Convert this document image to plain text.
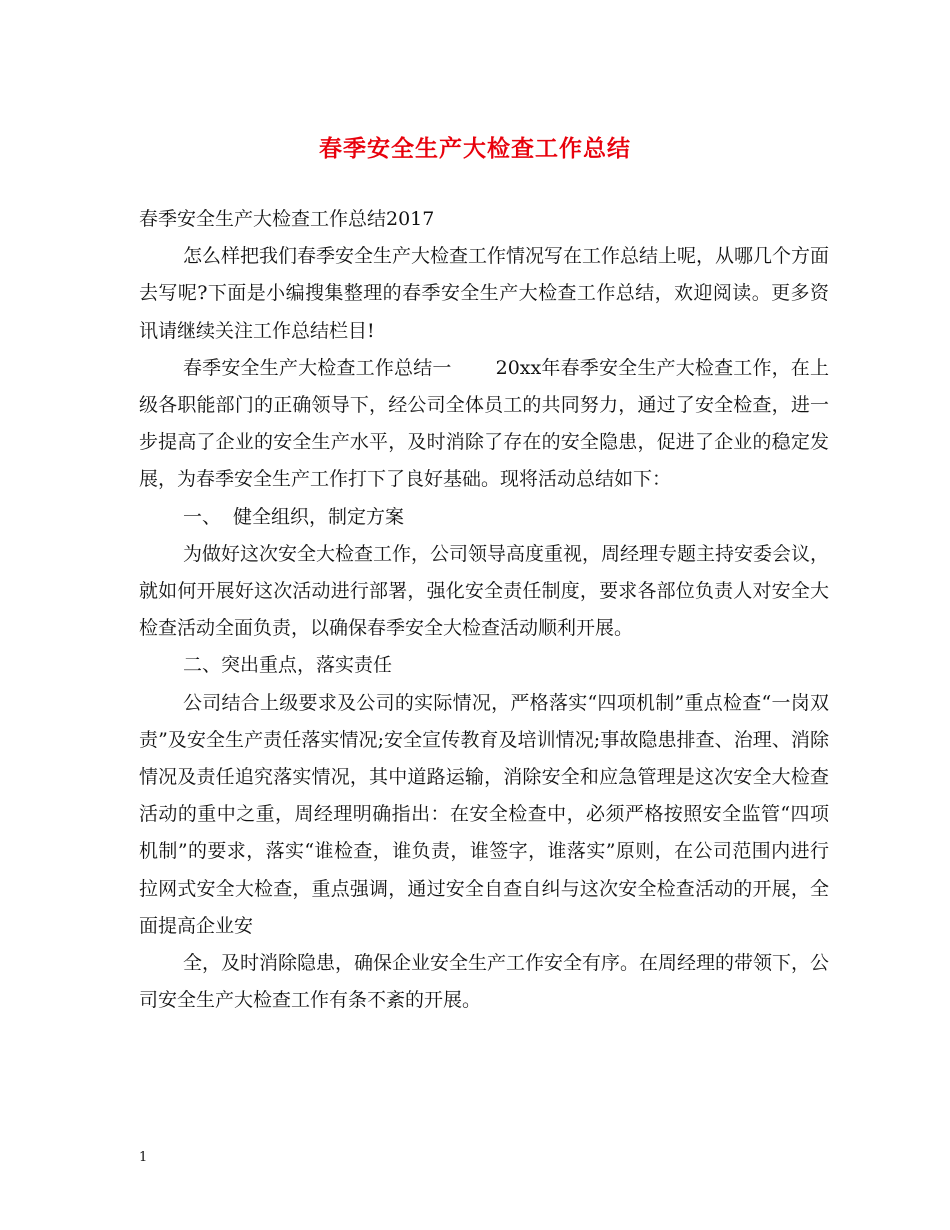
春季安全生产大检查工作总结

春季安全生产大检查工作总结2017

怎么样把我们春季安全生产大检查工作情况写在工作总结上呢，从哪几个方面去写呢?下面是小编搜集整理的春季安全生产大检查工作总结，欢迎阅读。更多资讯请继续关注工作总结栏目!

春季安全生产大检查工作总结一 20xx年春季安全生产大检查工作，在上级各职能部门的正确领导下，经公司全体员工的共同努力，通过了安全检查，进一步提高了企业的安全生产水平，及时消除了存在的安全隐患，促进了企业的稳定发展，为春季安全生产工作打下了良好基础。现将活动总结如下：

一、 健全组织，制定方案

为做好这次安全大检查工作，公司领导高度重视，周经理专题主持安委会议，就如何开展好这次活动进行部署，强化安全责任制度，要求各部位负责人对安全大检查活动全面负责，以确保春季安全大检查活动顺利开展。

二、突出重点，落实责任

公司结合上级要求及公司的实际情况，严格落实“四项机制”重点检查“一岗双责”及安全生产责任落实情况;安全宣传教育及培训情况;事故隐患排查、治理、消除情况及责任追究落实情况，其中道路运输，消除安全和应急管理是这次安全大检查活动的重中之重，周经理明确指出：在安全检查中，必须严格按照安全监管“四项机制”的要求，落实“谁检查，谁负责，谁签字，谁落实”原则，在公司范围内进行拉网式安全大检查，重点强调，通过安全自查自纠与这次安全检查活动的开展，全面提高企业安

全，及时消除隐患，确保企业安全生产工作安全有序。在周经理的带领下，公司安全生产大检查工作有条不紊的开展。

1
